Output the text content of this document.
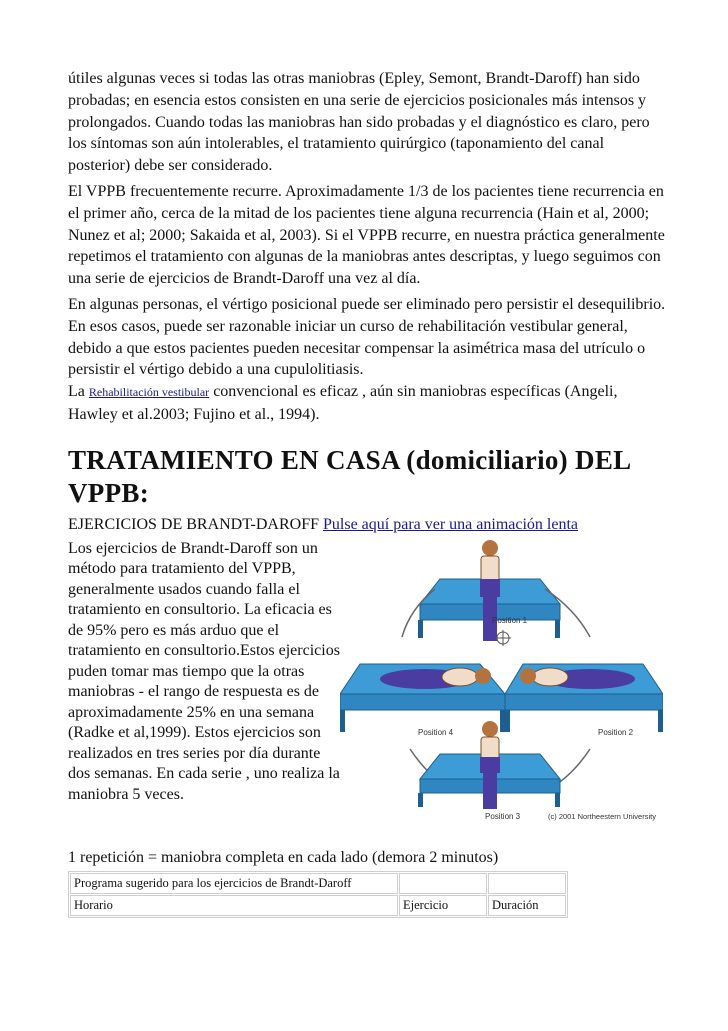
útiles algunas veces si todas las otras maniobras (Epley, Semont, Brandt-Daroff) han sido probadas; en esencia estos consisten en una serie de ejercicios posicionales más intensos y prolongados. Cuando todas las maniobras han sido probadas y el diagnóstico es claro, pero los síntomas son aún intolerables, el tratamiento quirúrgico (taponamiento del canal posterior) debe ser considerado.

El VPPB frecuentemente recurre. Aproximadamente 1/3 de los pacientes tiene recurrencia en el primer año, cerca de la mitad de los pacientes tiene alguna recurrencia (Hain et al, 2000; Nunez et al; 2000; Sakaida et al, 2003). Si el VPPB recurre, en nuestra práctica generalmente repetimos el tratamiento con algunas de la maniobras antes descriptas, y luego seguimos con una serie de ejercicios de Brandt-Daroff una vez al día.

En algunas personas, el vértigo posicional puede ser eliminado pero persistir el desequilibrio. En esos casos, puede ser razonable iniciar un curso de rehabilitación vestibular general, debido a que estos pacientes pueden necesitar compensar la asimétrica masa del utrículo o persistir el vértigo debido a una cupulolitiasis.

La Rehabilitación vestibular convencional es eficaz , aún sin maniobras específicas (Angeli, Hawley et al.2003; Fujino et al., 1994).

TRATAMIENTO EN CASA (domiciliario) DEL VPPB:
EJERCICIOS DE BRANDT-DAROFF Pulse aquí para ver una animación lenta

Los ejercicios de Brandt-Daroff son un método para tratamiento del VPPB, generalmente usados cuando falla el tratamiento en consultorio. La eficacia es de 95% pero es más arduo que el tratamiento en consultorio.Estos ejercicios puden tomar mas tiempo que la otras maniobras - el rango de respuesta es de aproximadamente 25% en una semana (Radke et al,1999). Estos ejercicios son realizados en tres series por día durante dos semanas. En cada serie , uno realiza la maniobra 5 veces.

Position 1
Position 4	Position 2
Position 3	(c) 2001 Northeestern University

1 repetición = maniobra completa en cada lado (demora 2 minutos)

Programa sugerido para los ejercicios de Brandt-Daroff		
Horario	Ejercicio	Duración
